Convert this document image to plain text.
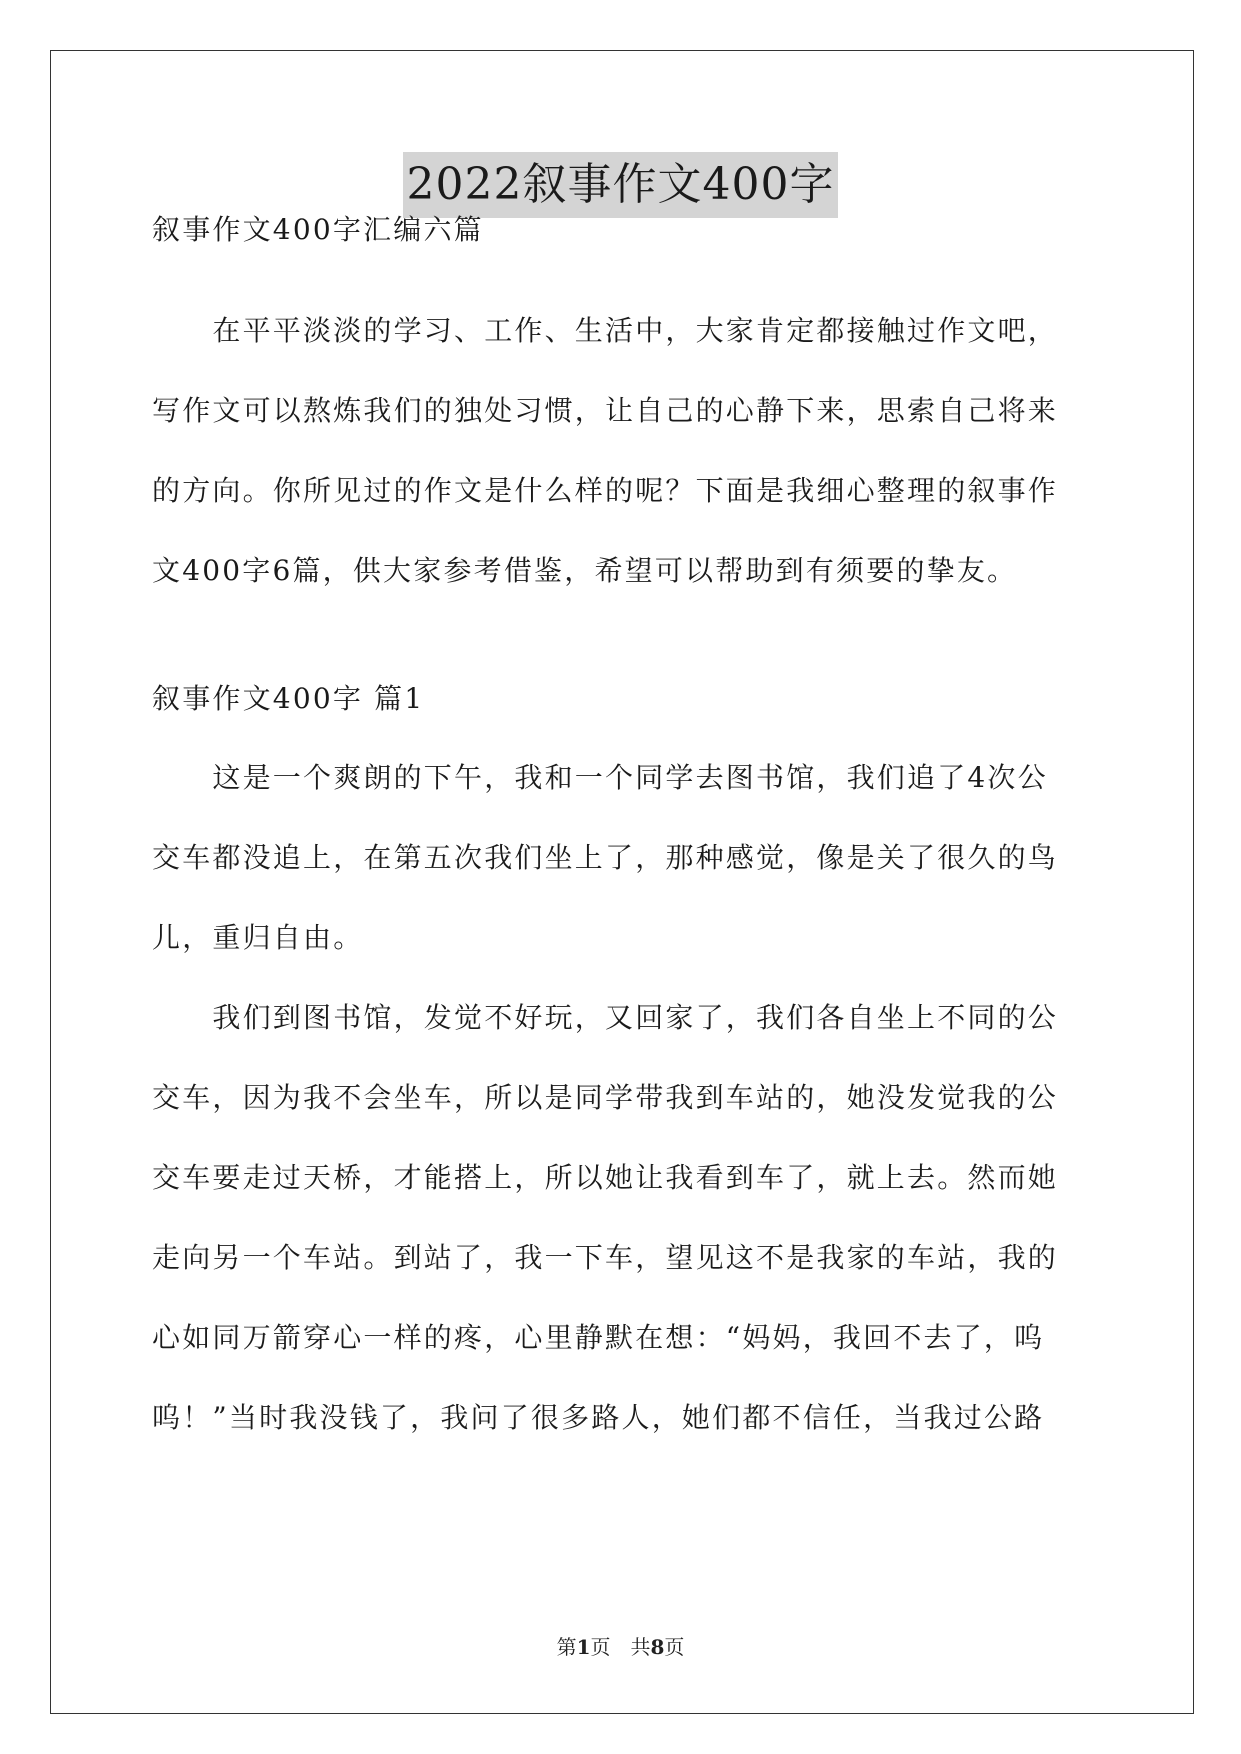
2022叙事作文400字
叙事作文400字汇编六篇
　　在平平淡淡的学习、工作、生活中，大家肯定都接触过作文吧，
写作文可以熬炼我们的独处习惯，让自己的心静下来，思索自己将来
的方向。你所见过的作文是什么样的呢？下面是我细心整理的叙事作
文400字6篇，供大家参考借鉴，希望可以帮助到有须要的挚友。
叙事作文400字 篇1
　　这是一个爽朗的下午，我和一个同学去图书馆，我们追了4次公
交车都没追上，在第五次我们坐上了，那种感觉，像是关了很久的鸟
儿，重归自由。
　　我们到图书馆，发觉不好玩，又回家了，我们各自坐上不同的公
交车，因为我不会坐车，所以是同学带我到车站的，她没发觉我的公
交车要走过天桥，才能搭上，所以她让我看到车了，就上去。然而她
走向另一个车站。到站了，我一下车，望见这不是我家的车站，我的
心如同万箭穿心一样的疼，心里静默在想：“妈妈，我回不去了，呜
呜！”当时我没钱了，我问了很多路人，她们都不信任，当我过公路
第1页　共8页
